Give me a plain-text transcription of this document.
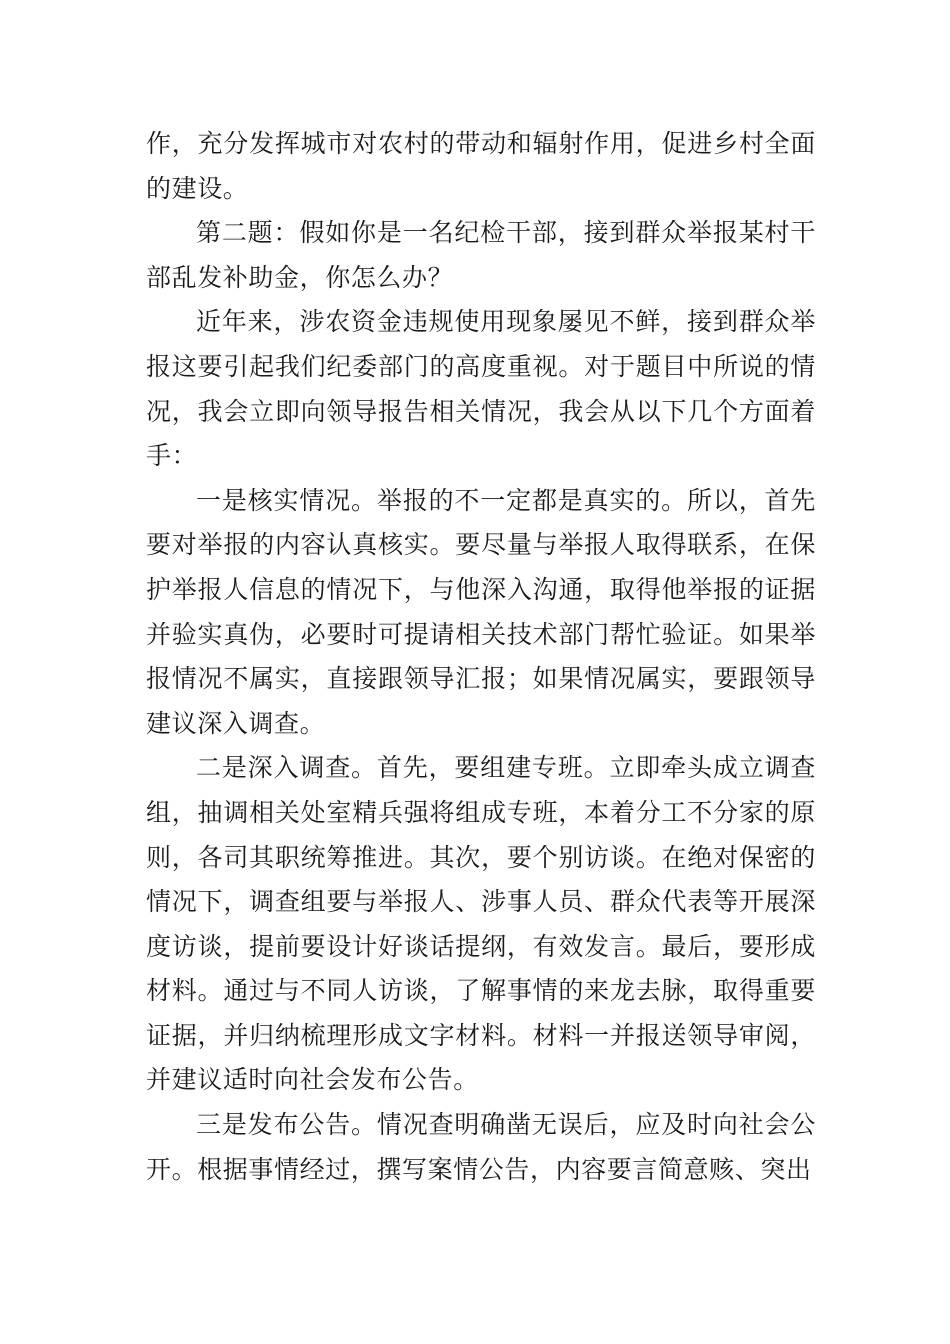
作，充分发挥城市对农村的带动和辐射作用，促进乡村全面的建设。

第二题：假如你是一名纪检干部，接到群众举报某村干部乱发补助金，你怎么办？

近年来，涉农资金违规使用现象屡见不鲜，接到群众举报这要引起我们纪委部门的高度重视。对于题目中所说的情况，我会立即向领导报告相关情况，我会从以下几个方面着手：

一是核实情况。举报的不一定都是真实的。所以，首先要对举报的内容认真核实。要尽量与举报人取得联系，在保护举报人信息的情况下，与他深入沟通，取得他举报的证据并验实真伪，必要时可提请相关技术部门帮忙验证。如果举报情况不属实，直接跟领导汇报；如果情况属实，要跟领导建议深入调查。

二是深入调查。首先，要组建专班。立即牵头成立调查组，抽调相关处室精兵强将组成专班，本着分工不分家的原则，各司其职统筹推进。其次，要个别访谈。在绝对保密的情况下，调查组要与举报人、涉事人员、群众代表等开展深度访谈，提前要设计好谈话提纲，有效发言。最后，要形成材料。通过与不同人访谈，了解事情的来龙去脉，取得重要证据，并归纳梳理形成文字材料。材料一并报送领导审阅，并建议适时向社会发布公告。

三是发布公告。情况查明确凿无误后，应及时向社会公开。根据事情经过，撰写案情公告，内容要言简意赅、突出
